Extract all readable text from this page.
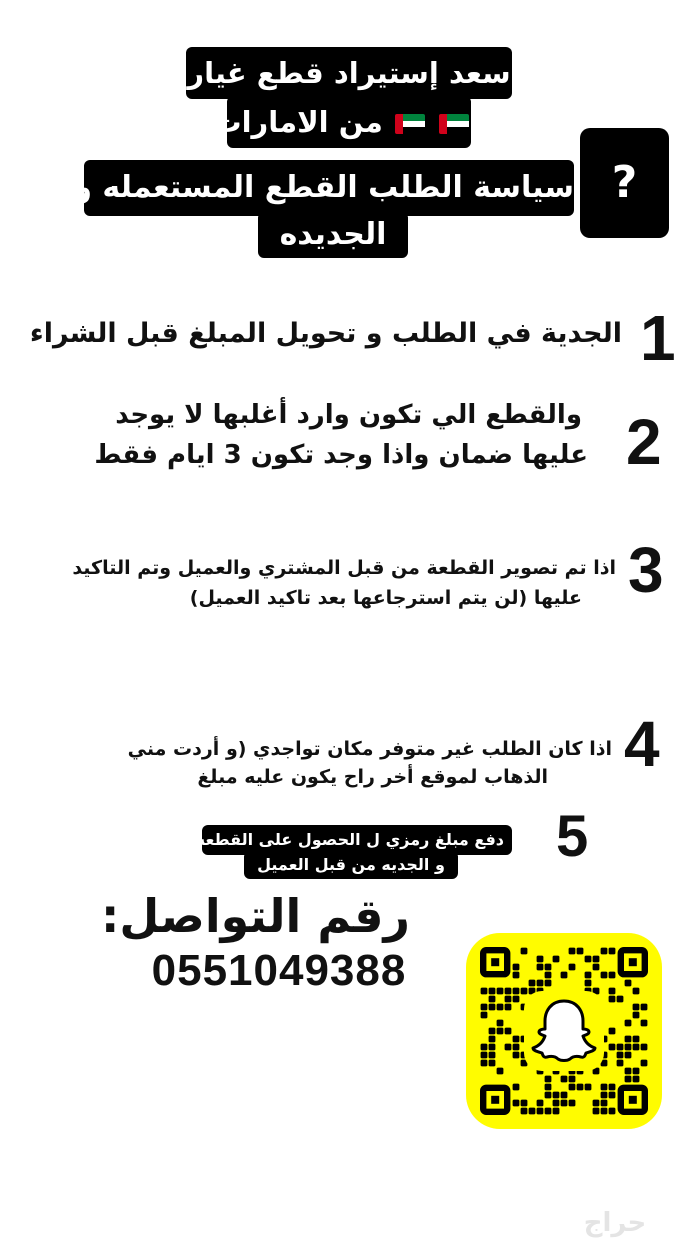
سعد إستيراد قطع غيار

من الامارات
?
سياسة الطلب القطع المستعمله و
الجديده
1
الجدية في الطلب و تحويل المبلغ قبل الشراء
2
والقطع الي تكون وارد أغلبها لا يوجد
عليها ضمان واذا وجد تكون 3 ايام فقط
3
اذا تم تصوير القطعة من قبل المشتري والعميل وتم التاكيد
عليها (لن يتم استرجاعها بعد تاكيد العميل)
4
اذا كان الطلب غير متوفر مكان تواجدي (و أردت مني
الذهاب لموقع أخر راح يكون عليه مبلغ
5
دفع مبلغ رمزي ل الحصول على القطعه
و الجديه من قبل العميل
رقم التواصل:
0551049388
حراج
